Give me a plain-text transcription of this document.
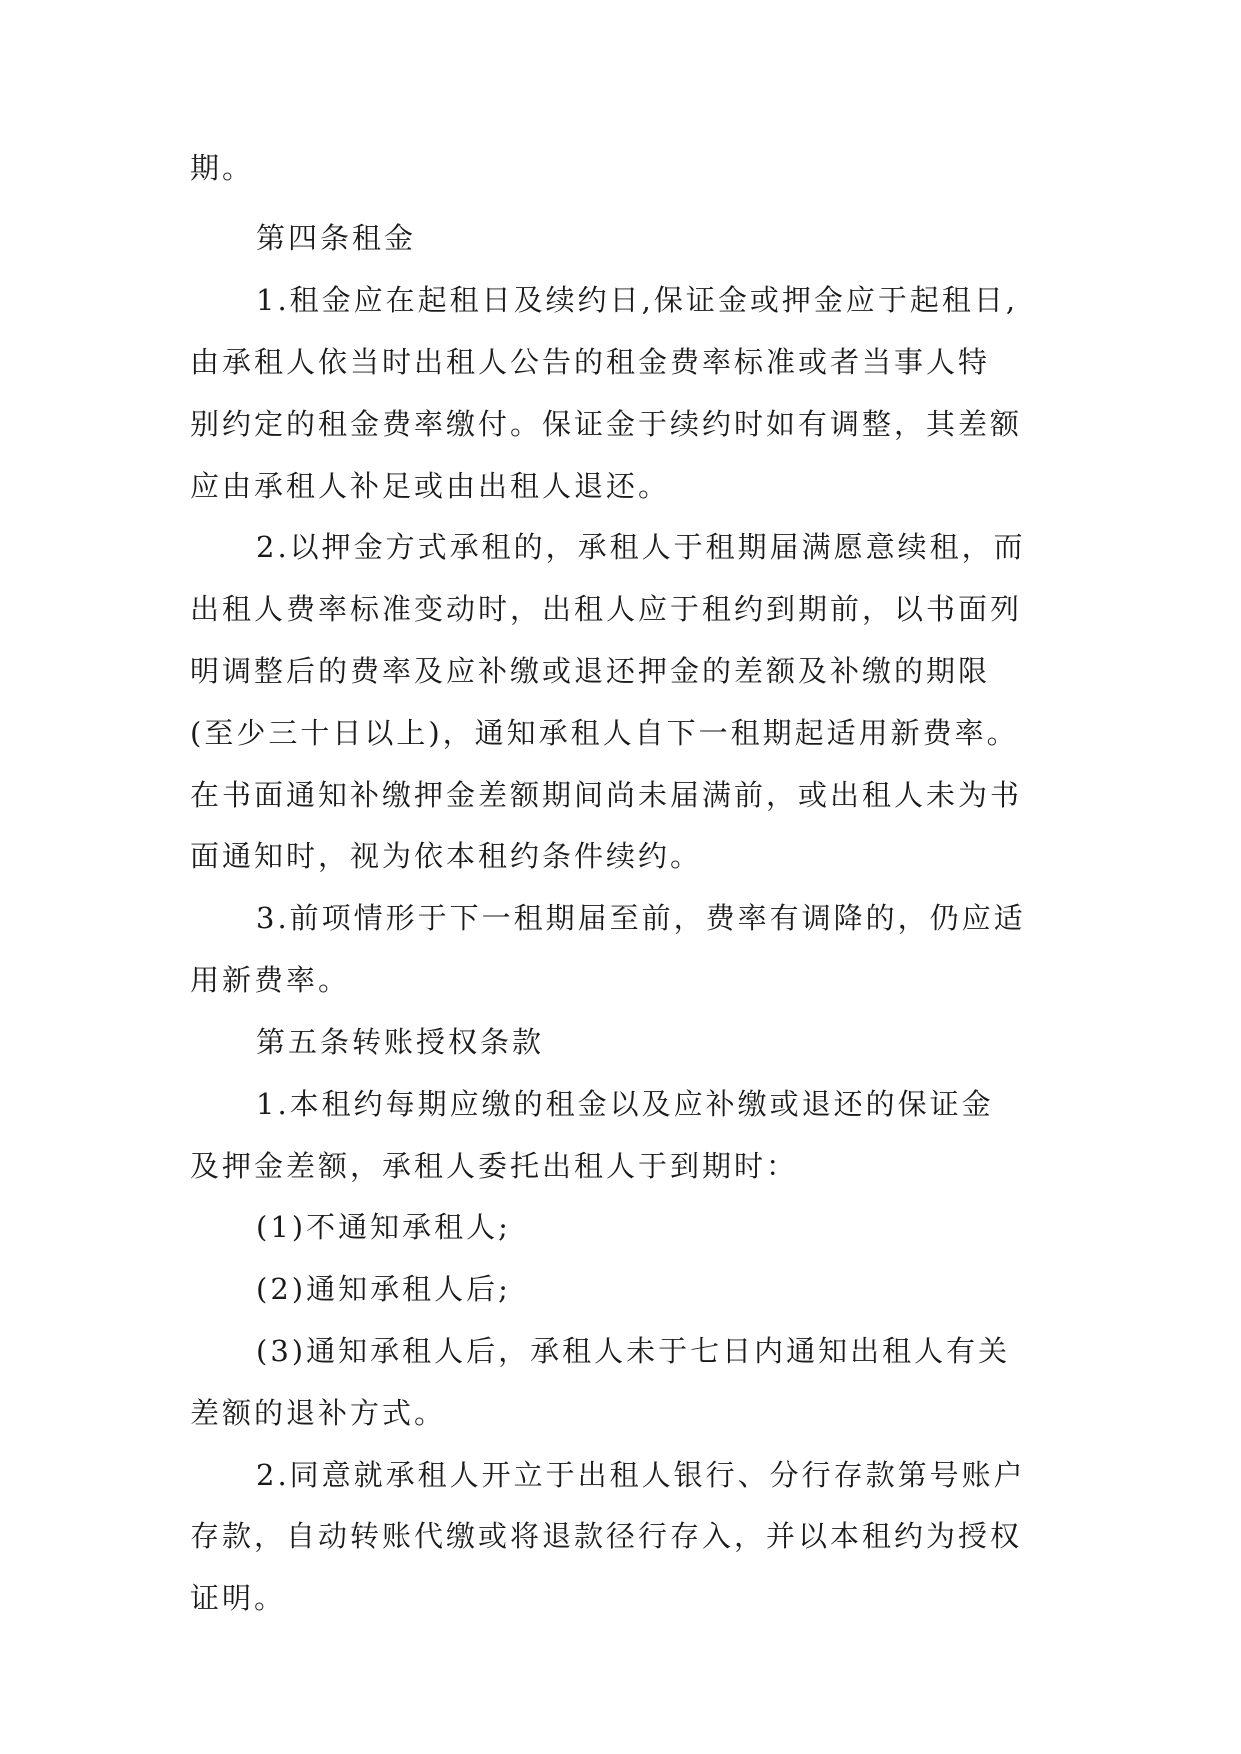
期。

第四条租金

1.租金应在起租日及续约日,保证金或押金应于起租日,

由承租人依当时出租人公告的租金费率标准或者当事人特

别约定的租金费率缴付。保证金于续约时如有调整，其差额

应由承租人补足或由出租人退还。

2.以押金方式承租的，承租人于租期届满愿意续租，而

出租人费率标准变动时，出租人应于租约到期前，以书面列

明调整后的费率及应补缴或退还押金的差额及补缴的期限

(至少三十日以上)，通知承租人自下一租期起适用新费率。

在书面通知补缴押金差额期间尚未届满前，或出租人未为书

面通知时，视为依本租约条件续约。

3.前项情形于下一租期届至前，费率有调降的，仍应适

用新费率。

第五条转账授权条款

1.本租约每期应缴的租金以及应补缴或退还的保证金

及押金差额，承租人委托出租人于到期时：

(1)不通知承租人;

(2)通知承租人后;

(3)通知承租人后，承租人未于七日内通知出租人有关

差额的退补方式。

2.同意就承租人开立于出租人银行、分行存款第号账户

存款，自动转账代缴或将退款径行存入，并以本租约为授权

证明。
